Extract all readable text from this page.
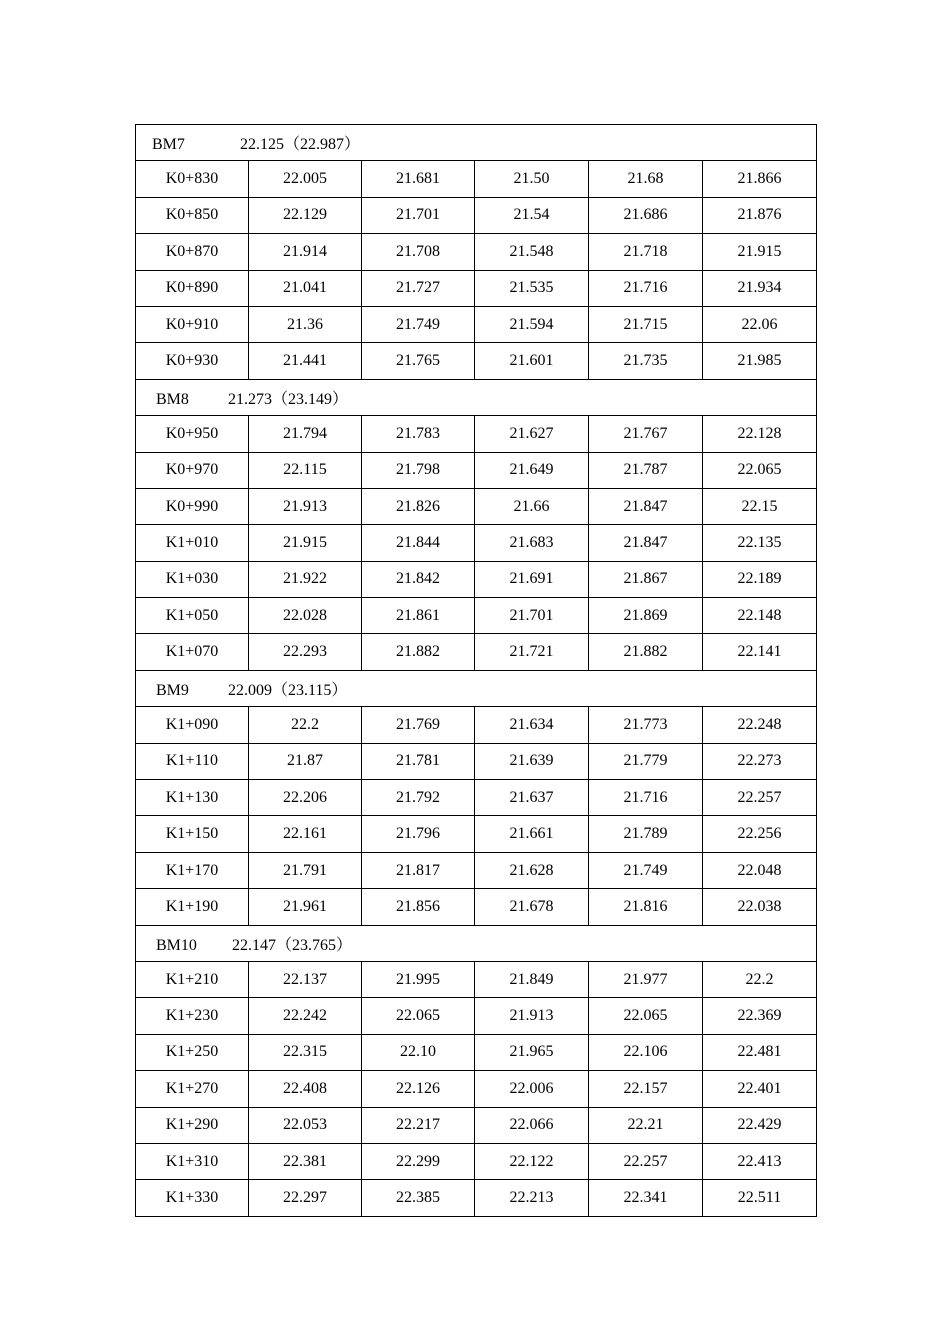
BM7 22.125（22.987）					
K0+830	22.005	21.681	21.50	21.68	21.866
K0+850	22.129	21.701	21.54	21.686	21.876
K0+870	21.914	21.708	21.548	21.718	21.915
K0+890	21.041	21.727	21.535	21.716	21.934
K0+910	21.36	21.749	21.594	21.715	22.06
K0+930	21.441	21.765	21.601	21.735	21.985
BM8 21.273（23.149）					
K0+950	21.794	21.783	21.627	21.767	22.128
K0+970	22.115	21.798	21.649	21.787	22.065
K0+990	21.913	21.826	21.66	21.847	22.15
K1+010	21.915	21.844	21.683	21.847	22.135
K1+030	21.922	21.842	21.691	21.867	22.189
K1+050	22.028	21.861	21.701	21.869	22.148
K1+070	22.293	21.882	21.721	21.882	22.141
BM9 22.009（23.115）					
K1+090	22.2	21.769	21.634	21.773	22.248
K1+110	21.87	21.781	21.639	21.779	22.273
K1+130	22.206	21.792	21.637	21.716	22.257
K1+150	22.161	21.796	21.661	21.789	22.256
K1+170	21.791	21.817	21.628	21.749	22.048
K1+190	21.961	21.856	21.678	21.816	22.038
BM10 22.147（23.765）					
K1+210	22.137	21.995	21.849	21.977	22.2
K1+230	22.242	22.065	21.913	22.065	22.369
K1+250	22.315	22.10	21.965	22.106	22.481
K1+270	22.408	22.126	22.006	22.157	22.401
K1+290	22.053	22.217	22.066	22.21	22.429
K1+310	22.381	22.299	22.122	22.257	22.413
K1+330	22.297	22.385	22.213	22.341	22.511
